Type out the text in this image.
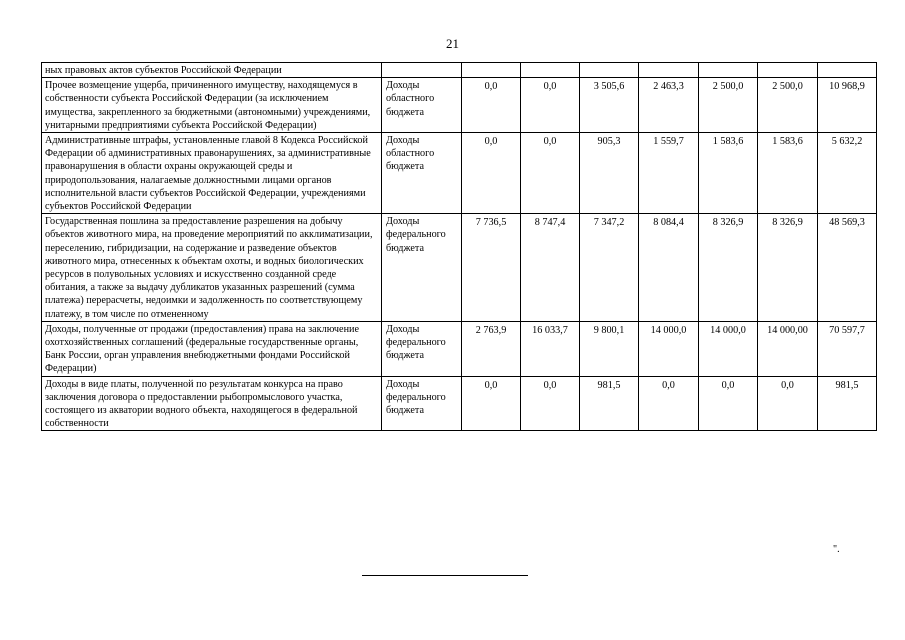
21
ных правовых актов субъектов Российской Федерации								
Прочее возмещение ущерба, причиненного имуществу, находящемуся в собственности субъекта Российской Федерации (за исключением имущества, закрепленного за бюджетными (автономными) учреждениями, унитарными предприятиями субъекта Российской Федерации)	Доходы областного бюджета	0,0	0,0	3 505,6	2 463,3	2 500,0	2 500,0	10 968,9
Административные штрафы, установленные главой 8 Кодекса Российской Федерации об административных правонарушениях, за административные правонарушения в области охраны окружающей среды и природопользования, налагаемые должностными лицами органов исполнительной власти субъектов Российской Федерации, учреждениями субъектов Российской Федерации	Доходы областного бюджета	0,0	0,0	905,3	1 559,7	1 583,6	1 583,6	5 632,2
Государственная пошлина за предоставление разрешения на добычу объектов животного мира, на проведение мероприятий по акклиматизации, переселению, гибридизации, на содержание и разведение объектов животного мира, отнесенных к объектам охоты, и водных биологических ресурсов в полувольных условиях и искусственно созданной среде обитания, а также за выдачу дубликатов указанных разрешений (сумма платежа) перерасчеты, недоимки и задолженность по соответствующему платежу, в том числе по отмененному	Доходы федерального бюджета	7 736,5	8 747,4	7 347,2	8 084,4	8 326,9	8 326,9	48 569,3
Доходы, полученные от продажи (предоставления) права на заключение охотхозяйственных соглашений (федеральные государственные органы, Банк России, орган управления внебюджетными фондами Российской Федерации)	Доходы федерального бюджета	2 763,9	16 033,7	9 800,1	14 000,0	14 000,0	14 000,00	70 597,7
Доходы в виде платы, полученной по результатам конкурса на право заключения договора о предоставлении рыбопромыслового участка, состоящего из акватории водного объекта, находящегося в федеральной собственности	Доходы федерального бюджета	0,0	0,0	981,5	0,0	0,0	0,0	981,5
".
